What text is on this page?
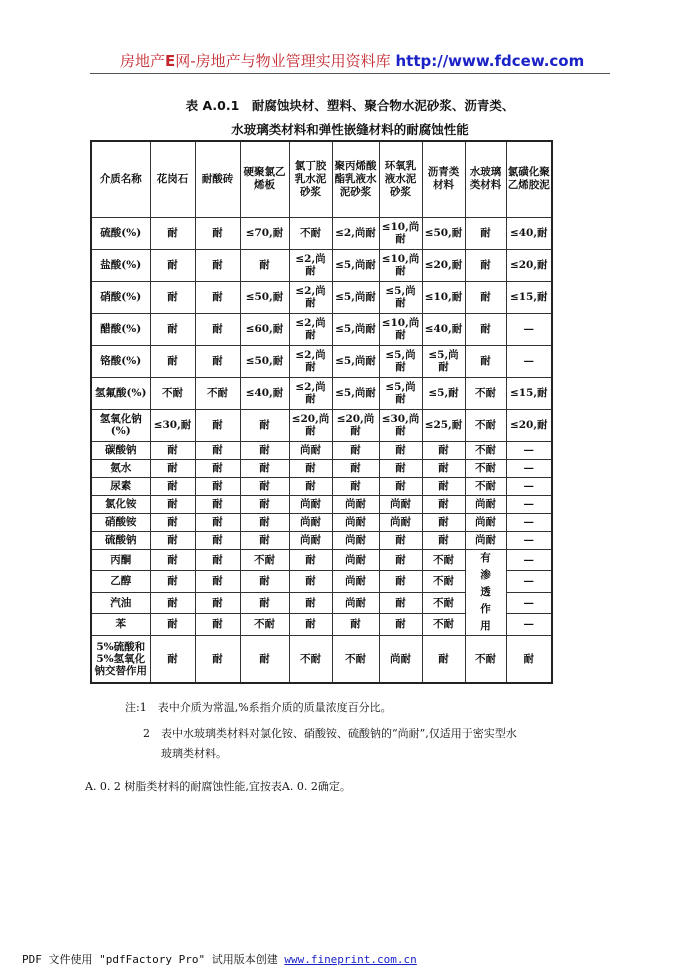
房地产E网-房地产与物业管理实用资料库 http://www.fdcew.com
表 A.0.1　耐腐蚀块材、塑料、聚合物水泥砂浆、沥青类、
水玻璃类材料和弹性嵌缝材料的耐腐蚀性能
介质名称	花岗石	耐酸砖	硬聚氯乙烯板	氯丁胶乳水泥砂浆	聚丙烯酸酯乳液水泥砂浆	环氧乳液水泥砂浆	沥青类材料	水玻璃类材料	氯磺化聚乙烯胶泥
硫酸(%)	耐	耐	≤70,耐	不耐	≤2,尚耐	≤10,尚耐	≤50,耐	耐	≤40,耐
盐酸(%)	耐	耐	耐	≤2,尚耐	≤5,尚耐	≤10,尚耐	≤20,耐	耐	≤20,耐
硝酸(%)	耐	耐	≤50,耐	≤2,尚耐	≤5,尚耐	≤5,尚耐	≤10,耐	耐	≤15,耐
醋酸(%)	耐	耐	≤60,耐	≤2,尚耐	≤5,尚耐	≤10,尚耐	≤40,耐	耐	—
铬酸(%)	耐	耐	≤50,耐	≤2,尚耐	≤5,尚耐	≤5,尚耐	≤5,尚耐	耐	—
氢氟酸(%)	不耐	不耐	≤40,耐	≤2,尚耐	≤5,尚耐	≤5,尚耐	≤5,耐	不耐	≤15,耐
氢氧化钠(%)	≤30,耐	耐	耐	≤20,尚耐	≤20,尚耐	≤30,尚耐	≤25,耐	不耐	≤20,耐
碳酸钠	耐	耐	耐	尚耐	耐	耐	耐	不耐	—
氨水	耐	耐	耐	耐	耐	耐	耐	不耐	—
尿素	耐	耐	耐	耐	耐	耐	耐	不耐	—
氯化铵	耐	耐	耐	尚耐	尚耐	尚耐	耐	尚耐	—
硝酸铵	耐	耐	耐	尚耐	尚耐	尚耐	耐	尚耐	—
硫酸钠	耐	耐	耐	尚耐	尚耐	耐	耐	尚耐	—
丙酮	耐	耐	不耐	耐	尚耐	耐	不耐	有渗透作用	—
乙醇	耐	耐	耐	耐	尚耐	耐	不耐		—
汽油	耐	耐	耐	耐	尚耐	耐	不耐		—
苯	耐	耐	不耐	耐	耐	耐	不耐		—
5%硫酸和5%氢氧化钠交替作用	耐	耐	耐	不耐	不耐	尚耐	耐	不耐	耐
注:1　表中介质为常温,%系指介质的质量浓度百分比。
2　表中水玻璃类材料对氯化铵、硝酸铵、硫酸钠的“尚耐”,仅适用于密实型水
玻璃类材料。
A. 0. 2 树脂类材料的耐腐蚀性能,宜按表A. 0. 2确定。
PDF 文件使用 "pdfFactory Pro" 试用版本创建 www.fineprint.com.cn
